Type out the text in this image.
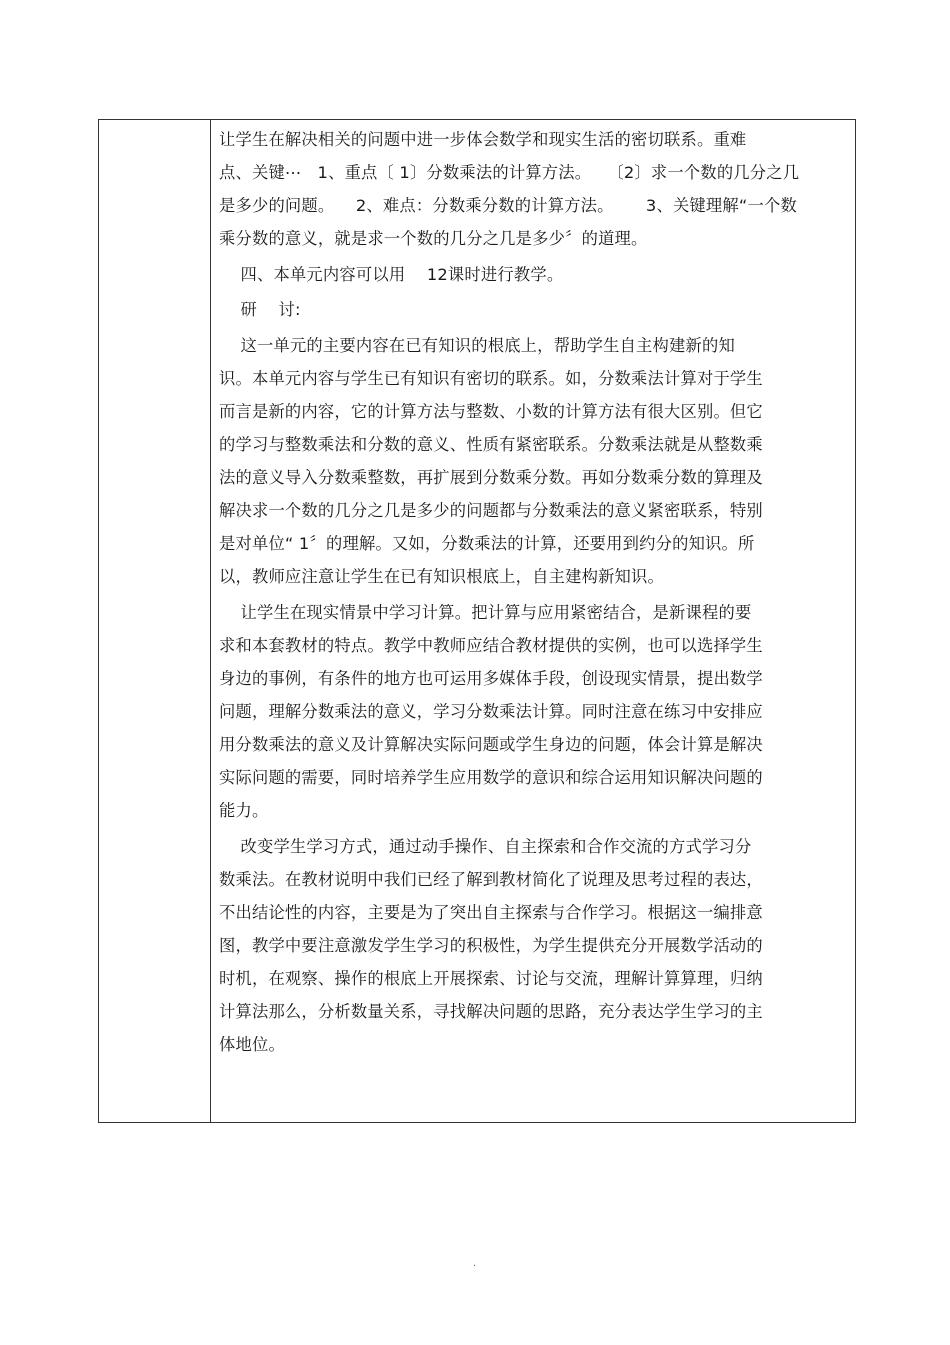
让学生在解决相关的问题中进一步体会数学和现实生活的密切联系。重难
点、关键⋯   1、重点〔 1〕分数乘法的计算方法。   〔2〕求一个数的几分之几
是多少的问题。    2、难点：分数乘分数的计算方法。      3、关键理解“一个数
乘分数的意义，就是求一个数的几分之几是多少〞的道理。
四、本单元内容可以用    12课时进行教学。
研    讨:
这一单元的主要内容在已有知识的根底上，帮助学生自主构建新的知
识。本单元内容与学生已有知识有密切的联系。如，分数乘法计算对于学生
而言是新的内容，它的计算方法与整数、小数的计算方法有很大区别。但它
的学习与整数乘法和分数的意义、性质有紧密联系。分数乘法就是从整数乘
法的意义导入分数乘整数，再扩展到分数乘分数。再如分数乘分数的算理及
解决求一个数的几分之几是多少的问题都与分数乘法的意义紧密联系，特别
是对单位“ 1〞的理解。又如，分数乘法的计算，还要用到约分的知识。所
以，教师应注意让学生在已有知识根底上，自主建构新知识。
让学生在现实情景中学习计算。把计算与应用紧密结合，是新课程的要
求和本套教材的特点。教学中教师应结合教材提供的实例，也可以选择学生
身边的事例，有条件的地方也可运用多媒体手段，创设现实情景，提出数学
问题，理解分数乘法的意义，学习分数乘法计算。同时注意在练习中安排应
用分数乘法的意义及计算解决实际问题或学生身边的问题，体会计算是解决
实际问题的需要，同时培养学生应用数学的意识和综合运用知识解决问题的
能力。
改变学生学习方式，通过动手操作、自主探索和合作交流的方式学习分
数乘法。在教材说明中我们已经了解到教材简化了说理及思考过程的表达，
不出结论性的内容，主要是为了突出自主探索与合作学习。根据这一编排意
图，教学中要注意激发学生学习的积极性，为学生提供充分开展数学活动的
时机，在观察、操作的根底上开展探索、讨论与交流，理解计算算理，归纳
计算法那么，分析数量关系，寻找解决问题的思路，充分表达学生学习的主
体地位。
.
